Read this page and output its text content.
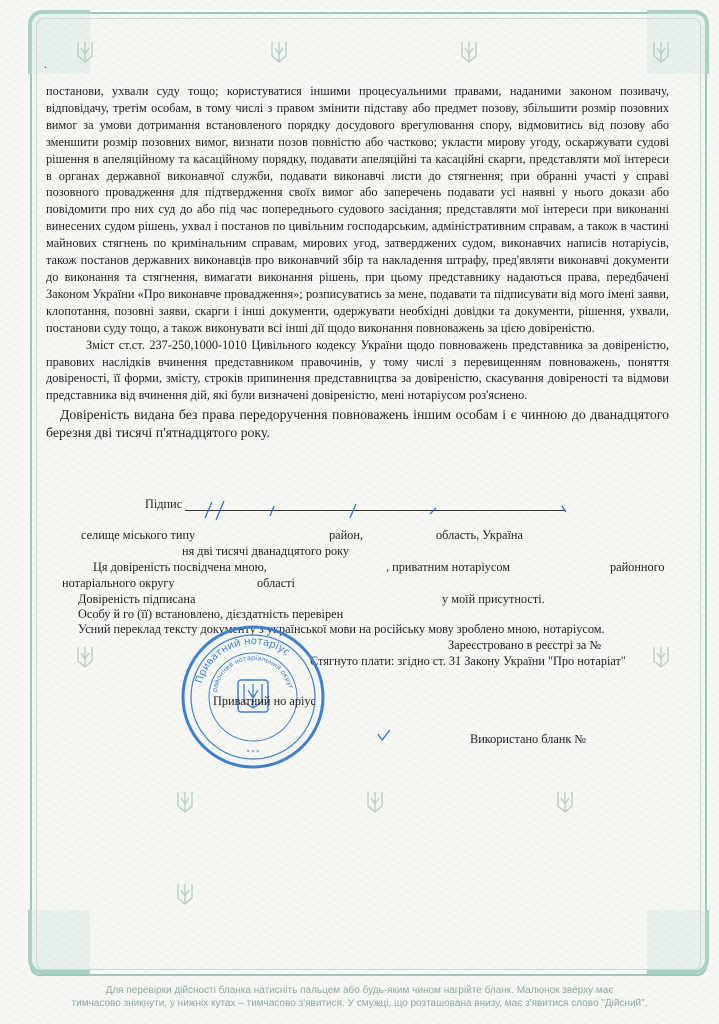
.

постанови, ухвали суду тощо; користуватися іншими процесуальними правами, наданими законом позивачу, відповідачу, третім особам, в тому числі з правом змінити підставу або предмет позову, збільшити розмір позовних вимог за умови дотримання встановленого порядку досудового врегулювання спору, відмовитись від позову або зменшити розмір позовних вимог, визнати позов повністю або частково; укласти мирову угоду, оскаржувати судові рішення в апеляційному та касаційному порядку, подавати апеляційні та касаційні скарги, представляти мої інтереси в органах державної виконавчої служби, подавати виконавчі листи до стягнення; при обранні участі у справі позовного провадження для підтвердження своїх вимог або заперечень подавати усі наявні у нього докази або повідомити про них суд до або під час попереднього судового засідання; представляти мої інтереси при виконанні винесених судом рішень, ухвал і постанов по цивільним господарським, адміністративним справам, а також в частині майнових стягнень по кримінальним справам, мирових угод, затверджених судом, виконавчих написів нотаріусів, також постанов державних виконавців про виконавчий збір та накладення штрафу, пред'являти виконавчі документи до виконання та стягнення, вимагати виконання рішень, при цьому представнику надаються права, передбачені Законом України «Про виконавче провадження»; розписуватись за мене, подавати та підписувати від мого імені заяви, клопотання, позовні заяви, скарги і інші документи, одержувати необхідні довідки та документи, рішення, ухвали, постанови суду тощо, а також виконувати всі інші дії щодо виконання повноважень за цією довіреністю.

Зміст ст.ст. 237-250,1000-1010 Цивільного кодексу України щодо повноважень представника за довіреністю, правових наслідків вчинення представником правочинів, у тому числі з перевищенням повноважень, поняття довіреності, її форми, змісту, строків припинення представництва за довіреністю, скасування довіреності та відмови представника від вчинення дій, які були визначені довіреністю, мені нотаріусом роз'яснено.

Довіреність видана без права передоручення повноважень іншим особам і є чинною до дванадцятого березня дві тисячі п'ятнадцятого року.

Підпис
селище міського типу	район,	область, Україна
ня дві тисячі дванадцятого року
Ця довіреність посвідчена мною,	, приватним нотаріусом	районного
нотаріального округу	області
Довіреність підписана	у моїй присутності.
Особу й го (її) встановлено, дієздатність перевірен
Усний переклад тексту документу з української мови на російську мову зроблено мною, нотаріусом.
Зареєстровано в реєстрі за №
Стягнуто плати: згідно ст. 31 Закону України "Про нотаріат"
Приватний нотаріус
районний нотаріальний округ
* * *
Приватний но аріус
Використано бланк №
Для перевірки дійсності бланка натисніть пальцем або будь-яким чином нагрійте бланк. Малюнок зверху має
тимчасово зникнути, у нижніх кутах – тимчасово з'явитися. У смужці, що розташована внизу, має з'явитися слово "Дійсний".
